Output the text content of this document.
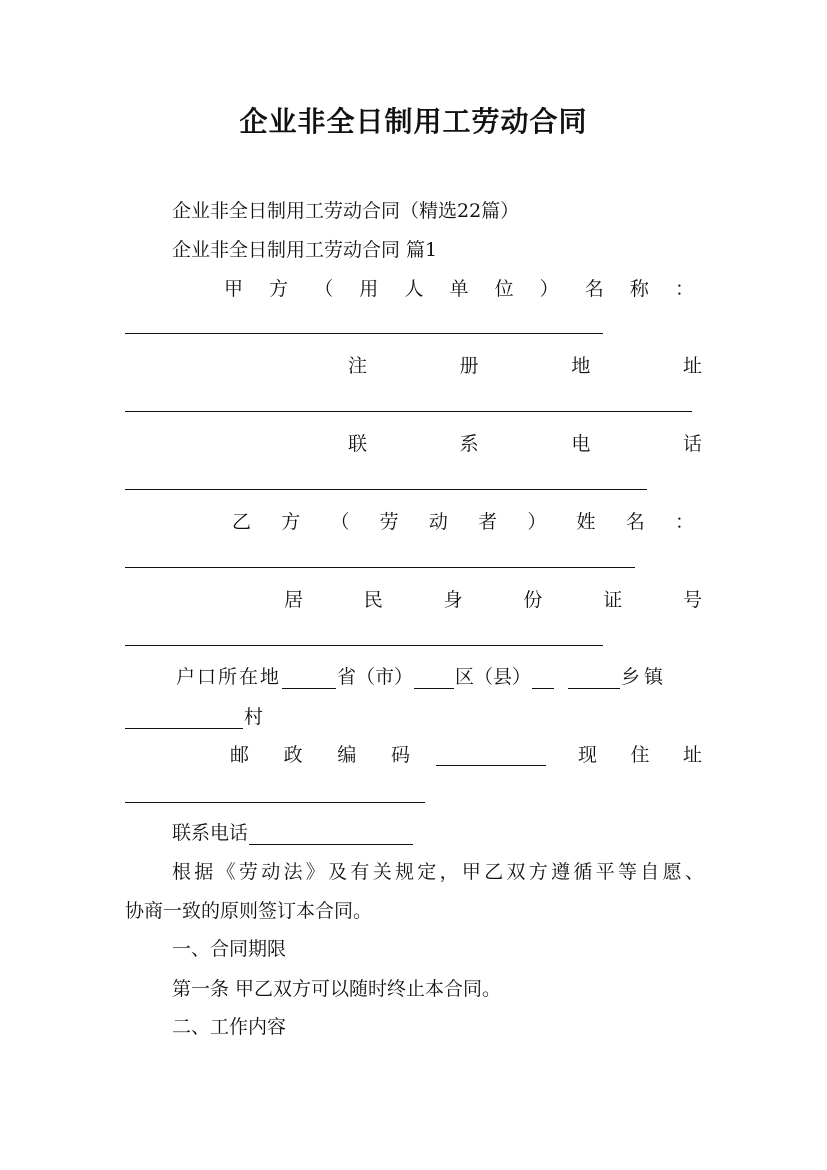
企业非全日制用工劳动合同
企业非全日制用工劳动合同（精选22篇）
企业非全日制用工劳动合同 篇1
甲 方 （ 用 人 单 位 ） 名 称 ：
注	册	地	址
联	系	电	话
乙 方 （ 劳 动 者 ） 姓 名 ：
居	民	身	份	证	号
户口所在地	省（市） 区（县）	乡镇
村
邮 政 编 码	现 住 址
联系电话
根据《劳动法》及有关规定，甲乙双方遵循平等自愿、
协商一致的原则签订本合同。
一、合同期限
第一条 甲乙双方可以随时终止本合同。
二、工作内容
